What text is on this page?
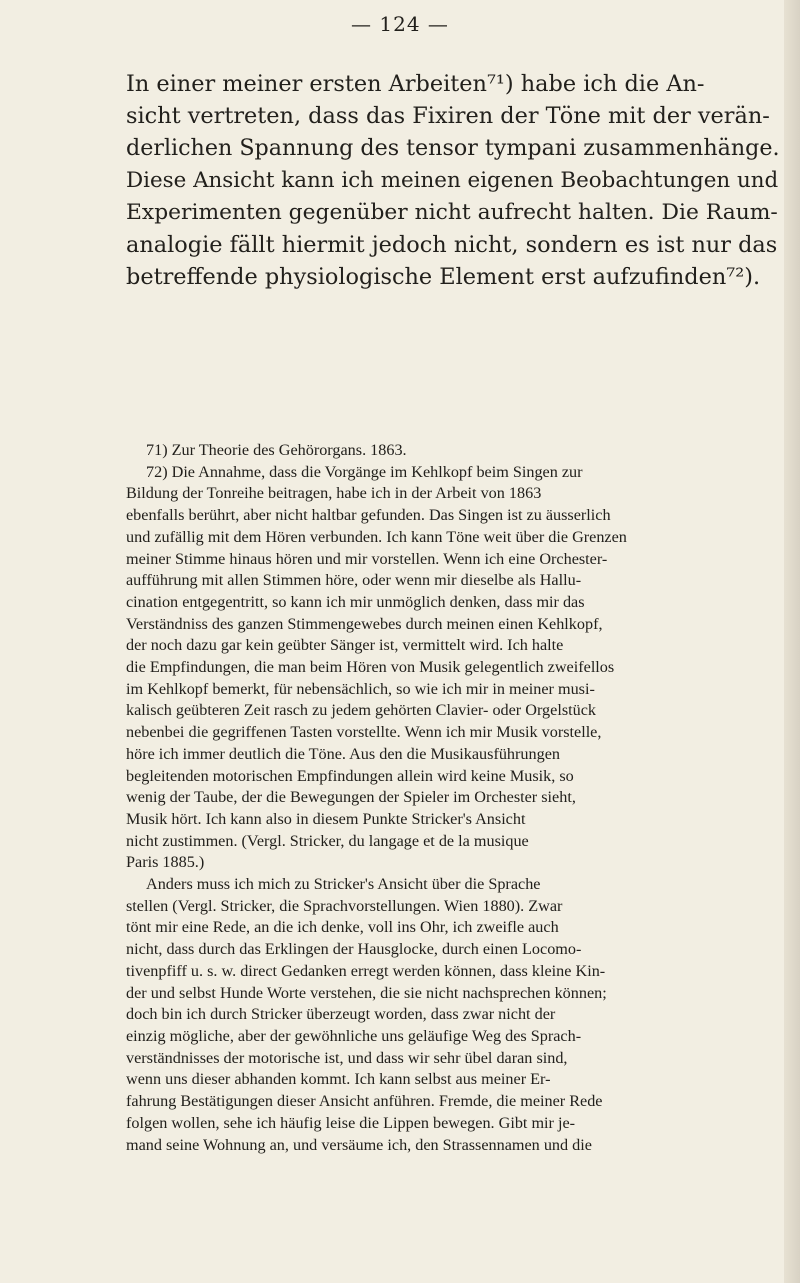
— 124 —

In einer meiner ersten Arbeiten⁷¹) habe ich die An-

sicht vertreten, dass das Fixiren der Töne mit der verän-

derlichen Spannung des tensor tympani zusammenhänge.

Diese Ansicht kann ich meinen eigenen Beobachtungen und

Experimenten gegenüber nicht aufrecht halten. Die Raum-

analogie fällt hiermit jedoch nicht, sondern es ist nur das

betreffende physiologische Element erst aufzufinden⁷²).

71) Zur Theorie des Gehörorgans. 1863.

72) Die Annahme, dass die Vorgänge im Kehlkopf beim Singen zur

Bildung der Tonreihe beitragen, habe ich in der Arbeit von 1863

ebenfalls berührt, aber nicht haltbar gefunden. Das Singen ist zu äusserlich

und zufällig mit dem Hören verbunden. Ich kann Töne weit über die Grenzen

meiner Stimme hinaus hören und mir vorstellen. Wenn ich eine Orchester-

aufführung mit allen Stimmen höre, oder wenn mir dieselbe als Hallu-

cination entgegentritt, so kann ich mir unmöglich denken, dass mir das

Verständniss des ganzen Stimmengewebes durch meinen einen Kehlkopf,

der noch dazu gar kein geübter Sänger ist, vermittelt wird. Ich halte

die Empfindungen, die man beim Hören von Musik gelegentlich zweifellos

im Kehlkopf bemerkt, für nebensächlich, so wie ich mir in meiner musi-

kalisch geübteren Zeit rasch zu jedem gehörten Clavier- oder Orgelstück

nebenbei die gegriffenen Tasten vorstellte. Wenn ich mir Musik vorstelle,

höre ich immer deutlich die Töne. Aus den die Musikausführungen

begleitenden motorischen Empfindungen allein wird keine Musik, so

wenig der Taube, der die Bewegungen der Spieler im Orchester sieht,

Musik hört. Ich kann also in diesem Punkte Stricker's Ansicht

nicht zustimmen. (Vergl. Stricker, du langage et de la musique

Paris 1885.)

Anders muss ich mich zu Stricker's Ansicht über die Sprache

stellen (Vergl. Stricker, die Sprachvorstellungen. Wien 1880). Zwar

tönt mir eine Rede, an die ich denke, voll ins Ohr, ich zweifle auch

nicht, dass durch das Erklingen der Hausglocke, durch einen Locomo-

tivenpfiff u. s. w. direct Gedanken erregt werden können, dass kleine Kin-

der und selbst Hunde Worte verstehen, die sie nicht nachsprechen können;

doch bin ich durch Stricker überzeugt worden, dass zwar nicht der

einzig mögliche, aber der gewöhnliche uns geläufige Weg des Sprach-

verständnisses der motorische ist, und dass wir sehr übel daran sind,

wenn uns dieser abhanden kommt. Ich kann selbst aus meiner Er-

fahrung Bestätigungen dieser Ansicht anführen. Fremde, die meiner Rede

folgen wollen, sehe ich häufig leise die Lippen bewegen. Gibt mir je-

mand seine Wohnung an, und versäume ich, den Strassennamen und die
